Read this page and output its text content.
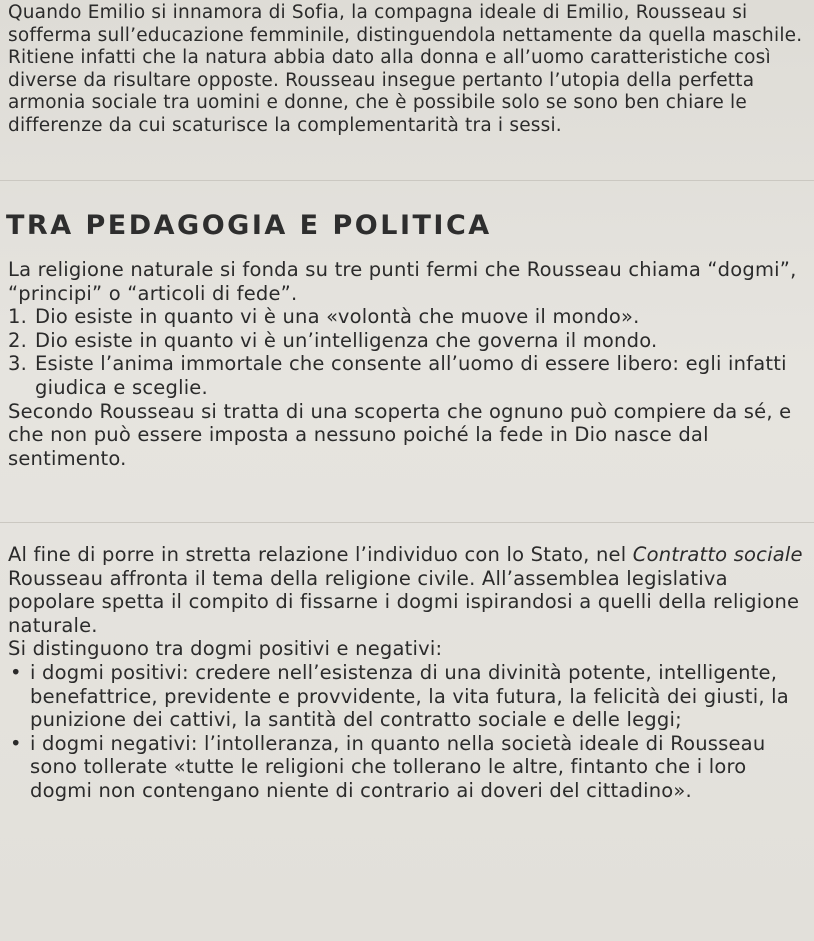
Quando Emilio si innamora di Sofia, la compagna ideale di Emilio, Rousseau si sofferma sull’educazione femminile, distinguendola nettamente da quella maschile. Ritiene infatti che la natura abbia dato alla donna e all’uomo caratteristiche così diverse da risultare opposte. Rousseau insegue pertanto l’utopia della perfetta armonia sociale tra uomini e donne, che è possibile solo se sono ben chiare le differenze da cui scaturisce la complementarità tra i sessi.

TRA PEDAGOGIA E POLITICA

La religione naturale si fonda su tre punti fermi che Rousseau chiama “dogmi”, “principi” o “articoli di fede”.

1. Dio esiste in quanto vi è una «volontà che muove il mondo».
2. Dio esiste in quanto vi è un’intelligenza che governa il mondo.
3. Esiste l’anima immortale che consente all’uomo di essere libero: egli infatti giudica e sceglie.

Secondo Rousseau si tratta di una scoperta che ognuno può compiere da sé, e che non può essere imposta a nessuno poiché la fede in Dio nasce dal sentimento.

Al fine di porre in stretta relazione l’individuo con lo Stato, nel Contratto sociale Rousseau affronta il tema della religione civile. All’assemblea legislativa popolare spetta il compito di fissarne i dogmi ispirandosi a quelli della religione naturale.

Si distinguono tra dogmi positivi e negativi:

• i dogmi positivi: credere nell’esistenza di una divinità potente, intelligente, benefattrice, previdente e provvidente, la vita futura, la felicità dei giusti, la punizione dei cattivi, la santità del contratto sociale e delle leggi;
• i dogmi negativi: l’intolleranza, in quanto nella società ideale di Rousseau sono tollerate «tutte le religioni che tollerano le altre, fintanto che i loro dogmi non contengano niente di contrario ai doveri del cittadino».
